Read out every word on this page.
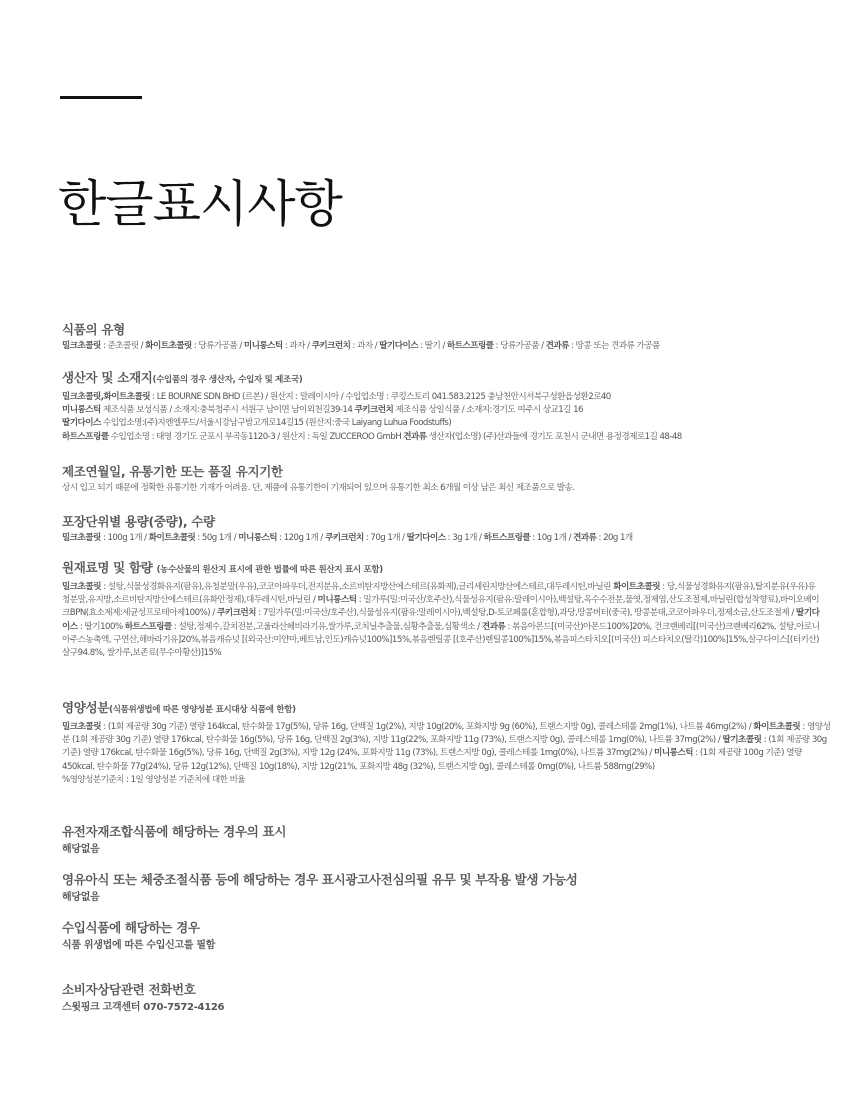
한글표시사항
식품의 유형
밀크초콜릿 : 준초콜릿 / 화이트초콜릿 : 당류가공품 / 미니롱스틱 : 과자 / 쿠키크런치 : 과자 / 딸기다이스 : 딸기 / 하트스프링클 : 당류가공품 / 견과류 : 땅콩 또는 견과류 가공품
생산자 및 소재지(수입품의 경우 생산자, 수입자 및 제조국)
밀크초콜릿,화이트초콜릿 : LE BOURNE SDN BHD (르본) / 원산지 : 말레이시아 / 수입업소명 : 쿠킹스토리 041.583.2125 충남천안시서북구성환읍성환2로40
미니롱스틱 제조식품 보성식품 / 소재지:충북청주시 서원구 남이면 남이외천길39-14 쿠키크런치 제조식품 상일식품 / 소재지:경기도 여주시 상교1길 16
딸기다이스 수입업소명:(주)지엔엘푸드/서울시강남구밤고개로14길15 (원산지:중국 Laiyang Luhua Foodstuffs)
하트스프링클 수입업소명 : 태영 경기도 군포시 부곡동1120-3 / 원산지 : 독일 ZUCCEROO GmbH 견과류 생산자(업소명) (주)산과들에 경기도 포천시 군내면 용정경제로1길 48-48
제조연월일, 유통기한 또는 품질 유지기한
상시 입고 되기 때문에 정확한 유통기한 기재가 어려움. 단, 제품에 유통기한이 기재되어 있으며 유통기한 최소 6개월 이상 남은 최신 제조품으로 발송.
포장단위별 용량(중량), 수량
밀크초콜릿 : 100g 1개 / 화이트초콜릿 : 50g 1개 / 미니롱스틱 : 120g 1개 / 쿠키크런치 : 70g 1개 / 딸기다이스 : 3g 1개 / 하트스프링클 : 10g 1개 / 견과류 : 20g 1개
원재료명 및 함량 (농수산물의 원산지 표시에 관한 법률에 따른 원산지 표시 포함)
밀크초콜릿 : 설탕,식물성경화유지(팜유),유청분말(우유),코코아파우더,전지분유,소르비탄지방산에스테르(유화제),글리세린지방산에스테르,대두레시틴,바닐린 화이트초콜릿 : 당,식물성경화유지(팜유),탈지분유(우유)유청분말,유지방,소르비탄지방산에스테르(유화안정제),대두레시틴,바닐린 / 미니롱스틱 : 밀가루(밀:미국산/호주산),식물성유지(팜유:말레이시아),백설탕,옥수수전분,물엿,정제염,산도조절제,바닐린(합성착향료),바이오베이크BPN(효소제제:세균성프로테아제100%) / 쿠키크런치 : 7밀가루(밀:미국산/호주산),식물성유지(팜유:말레이시아),백설탕,D-토코페롤(혼합형),과당,땅콩버터(중국), 땅콩분태,코코아파우더,정제소금,산도조절제 / 딸기다이스 : 딸기100% 하트스프링클 : 설탕,정제수,갈치전분,고울라산헤비라기유,쌀가루,코치닐추출물,심황추출물,심황색소 / 견과류 : 볶음아몬드[(미국산)아몬드100%]20%, 건크랜베리[(미국산)크랜베리62%, 설탕,아로니아주스농축액, 구연산,해바라기유]20%,볶음캐슈넛 [(외국산:미얀마,베트남,인도)캐슈넛100%]15%,볶음렌틸콩 [(호주산)렌틸콩100%]15%,볶음피스타치오[(미국산) 피스타치오(탈각)100%]15%,살구다이스[(터키산)살구94.8%, 쌀가루,보존료(무수아황산)]15%
영양성분(식품위생법에 따른 영양성분 표시대상 식품에 한함)
밀크초콜릿 : (1회 제공량 30g 기준) 열량 164kcal, 탄수화물 17g(5%), 당류 16g, 단백질 1g(2%), 지방 10g(20%, 포화지방 9g (60%), 트랜스지방 0g), 콜레스테롤 2mg(1%), 나트륨 46mg(2%) / 화이트초콜릿 : 영양성분 (1회 제공량 30g 기준) 열량 176kcal, 탄수화물 16g(5%), 당류 16g, 단백질 2g(3%), 지방 11g(22%, 포화지방 11g (73%), 트랜스지방 0g), 콜레스테롤 1mg(0%), 나트륨 37mg(2%) / 딸기초콜릿 : (1회 제공량 30g 기준) 열량 176kcal, 탄수화물 16g(5%), 당류 16g, 단백질 2g(3%), 지방 12g (24%, 포화지방 11g (73%), 트랜스지방 0g), 콜레스테롤 1mg(0%), 나트륨 37mg(2%) / 미니롱스틱 : (1회 제공량 100g 기준) 열량 450kcal, 탄수화물 77g(24%), 당류 12g(12%), 단백질 10g(18%), 지방 12g(21%, 포화지방 48g (32%), 트랜스지방 0g), 콜레스테롤 0mg(0%), 나트륨 588mg(29%)
%영양성분기준치 : 1일 영양성분 기준치에 대한 비율
유전자재조합식품에 해당하는 경우의 표시
해당없음
영유아식 또는 체중조절식품 등에 해당하는 경우 표시광고사전심의필 유무 및 부작용 발생 가능성
해당없음
수입식품에 해당하는 경우
식품 위생법에 따른 수입신고를 필함
소비자상담관련 전화번호
스윗핑크 고객센터 070-7572-4126
